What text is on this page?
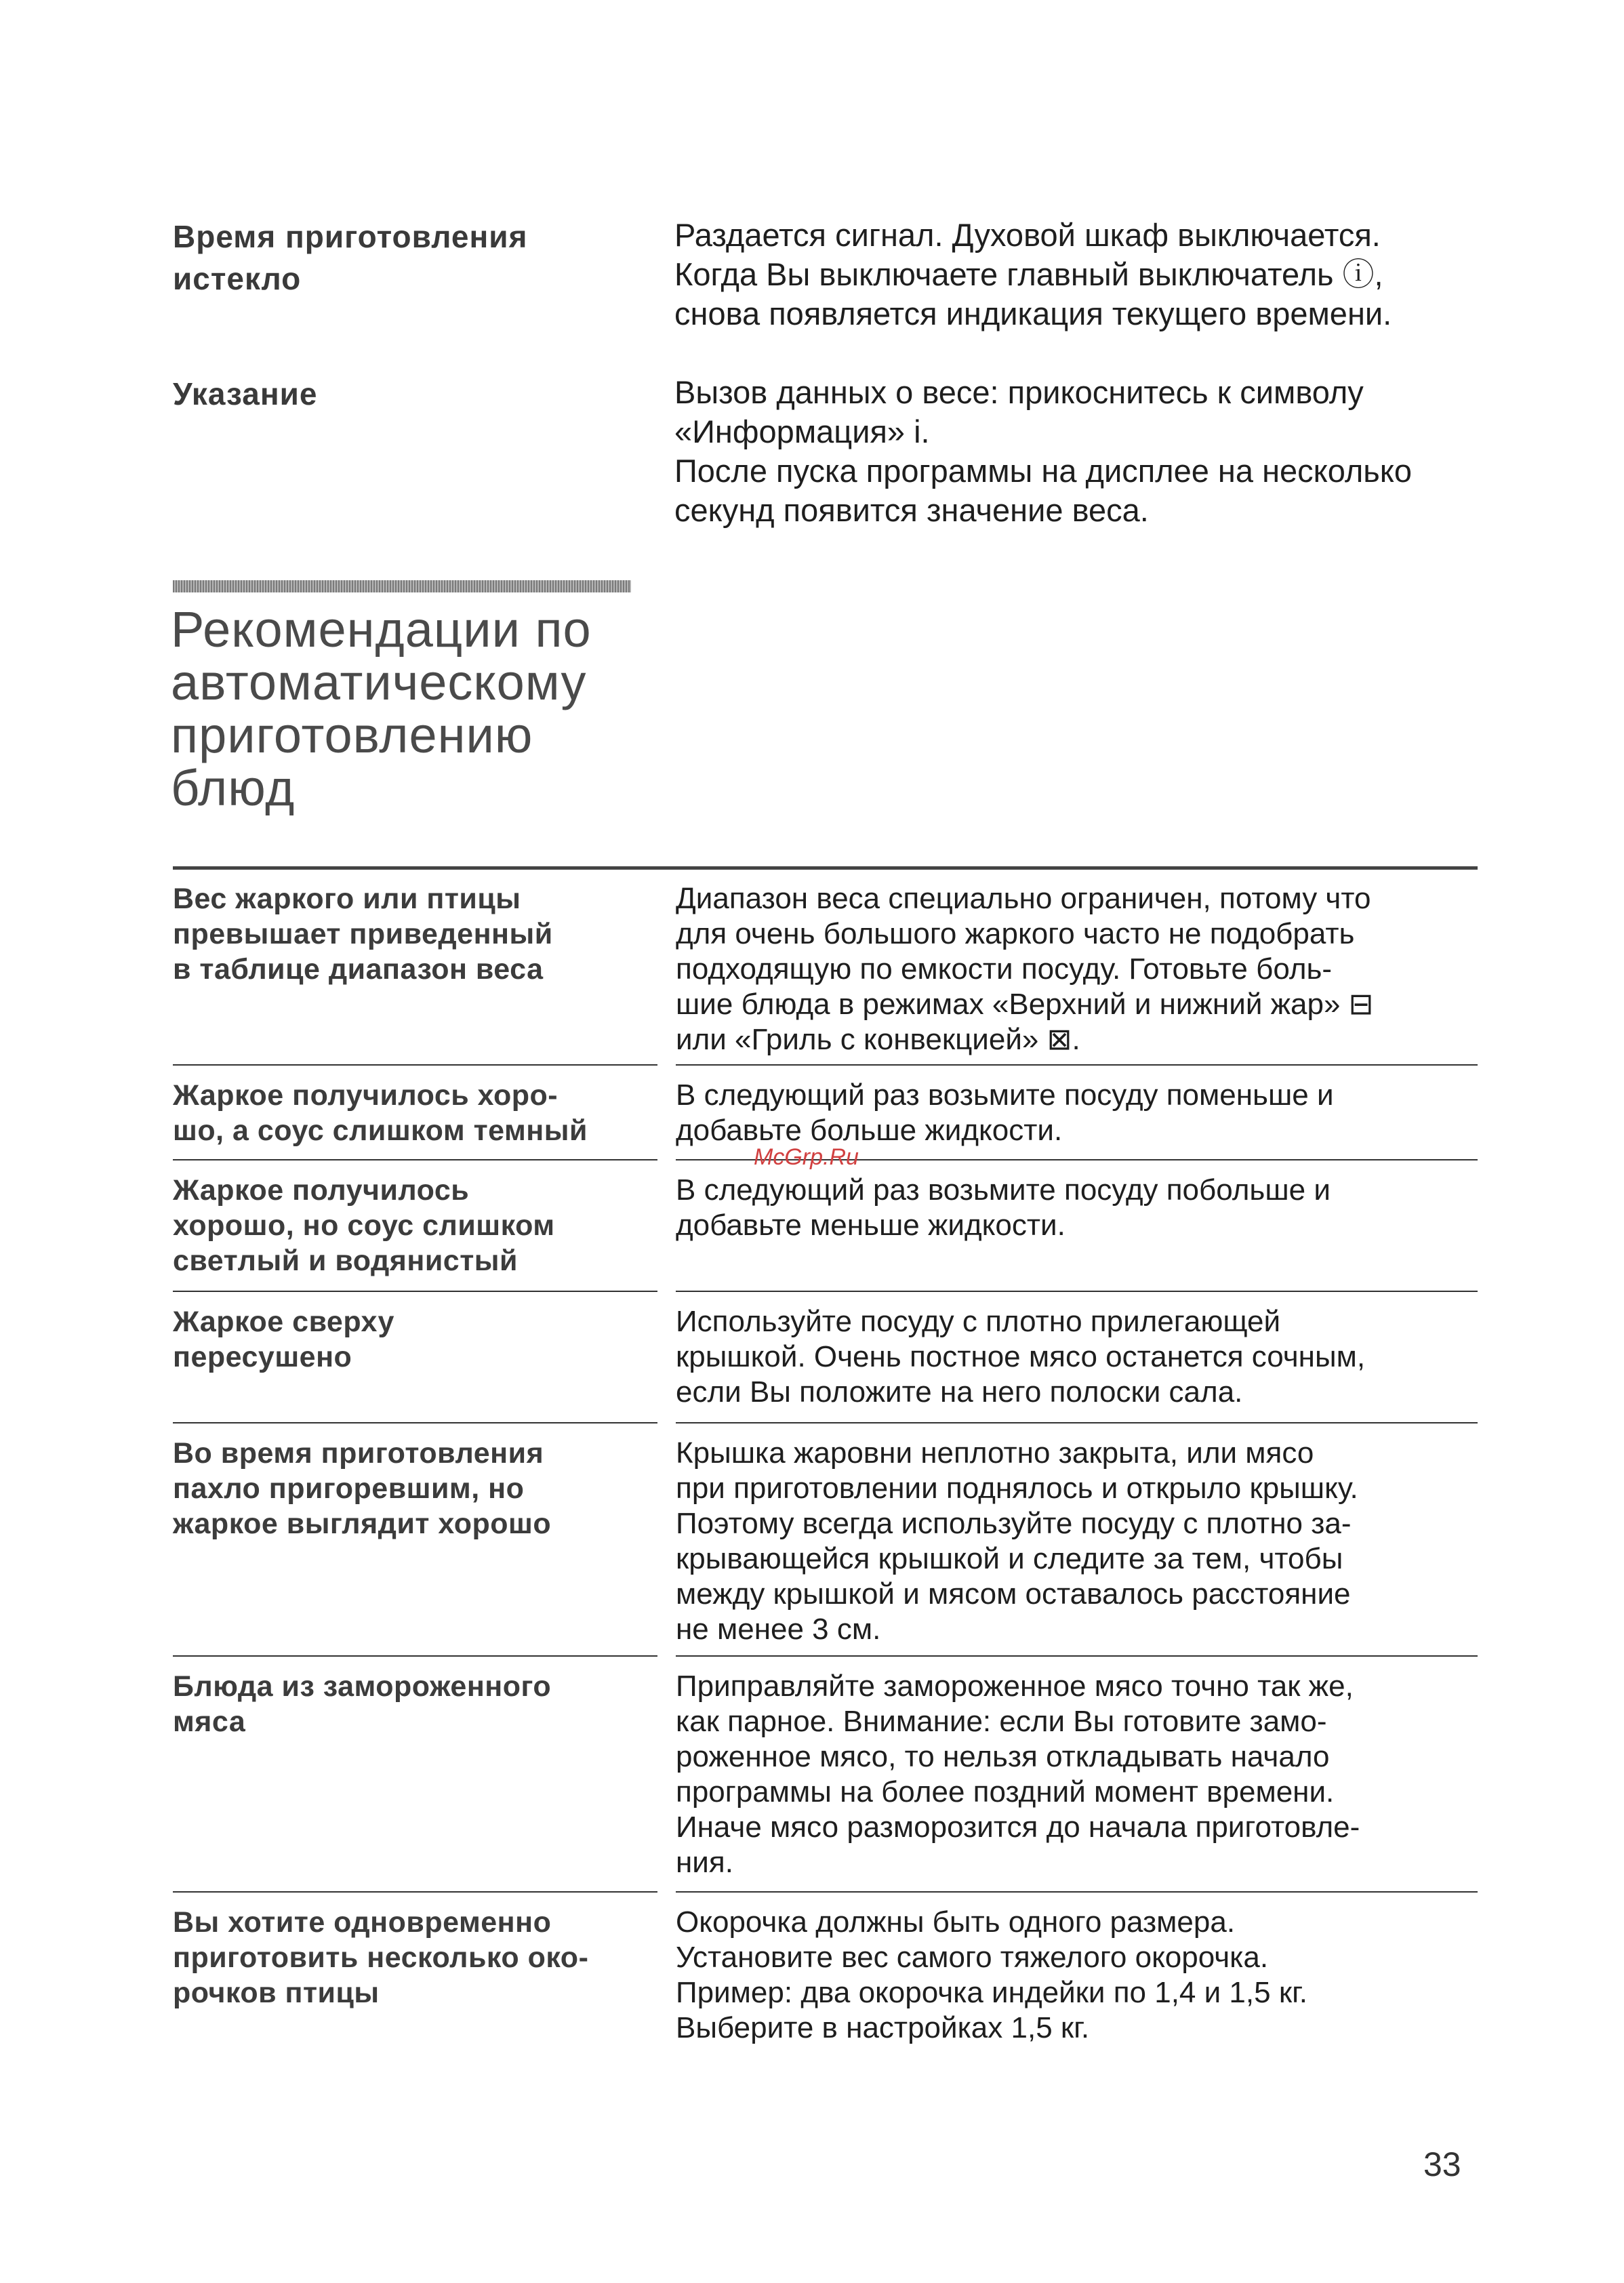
Время приготовления
истекло
Раздается сигнал. Духовой шкаф выключается.
Когда Вы выключаете главный выключатель ⓘ,
снова появляется индикация текущего времени.
Указание	Вызов данных о весе: прикоснитесь к символу
«Информация» i.
После пуска программы на дисплее на несколько
секунд появится значение веса.
Рекомендации по
автоматическому
приготовлению
блюд
Вес жаркого или птицы
превышает приведенный
в таблице диапазон веса
Диапазон веса специально ограничен, потому что
для очень большого жаркого часто не подобрать
подходящую по емкости посуду. Готовьте боль-
шие блюда в режимах «Верхний и нижний жар» ⊟
или «Гриль с конвекцией» ⊠.
Жаркое получилось хоро-
шо, а соус слишком темный
В следующий раз возьмите посуду поменьше и
добавьте больше жидкости.
Жаркое получилось
хорошо, но соус слишком
светлый и водянистый
В следующий раз возьмите посуду побольше и
добавьте меньше жидкости.
Жаркое сверху
пересушено
Используйте посуду с плотно прилегающей
крышкой. Очень постное мясо останется сочным,
если Вы положите на него полоски сала.
Во время приготовления
пахло пригоревшим, но
жаркое выглядит хорошо
Крышка жаровни неплотно закрыта, или мясо
при приготовлении поднялось и открыло крышку.
Поэтому всегда используйте посуду с плотно за-
крывающейся крышкой и следите за тем, чтобы
между крышкой и мясом оставалось расстояние
не менее 3 см.
Блюда из замороженного
мяса
Приправляйте замороженное мясо точно так же,
как парное. Внимание: если Вы готовите замо-
роженное мясо, то нельзя откладывать начало
программы на более поздний момент времени.
Иначе мясо разморозится до начала приготовле-
ния.
Вы хотите одновременно
приготовить несколько око-
рочков птицы
Окорочка должны быть одного размера.
Установите вес самого тяжелого окорочка.
Пример: два окорочка индейки по 1,4 и 1,5 кг.
Выберите в настройках 1,5 кг.
McGrp.Ru
33
